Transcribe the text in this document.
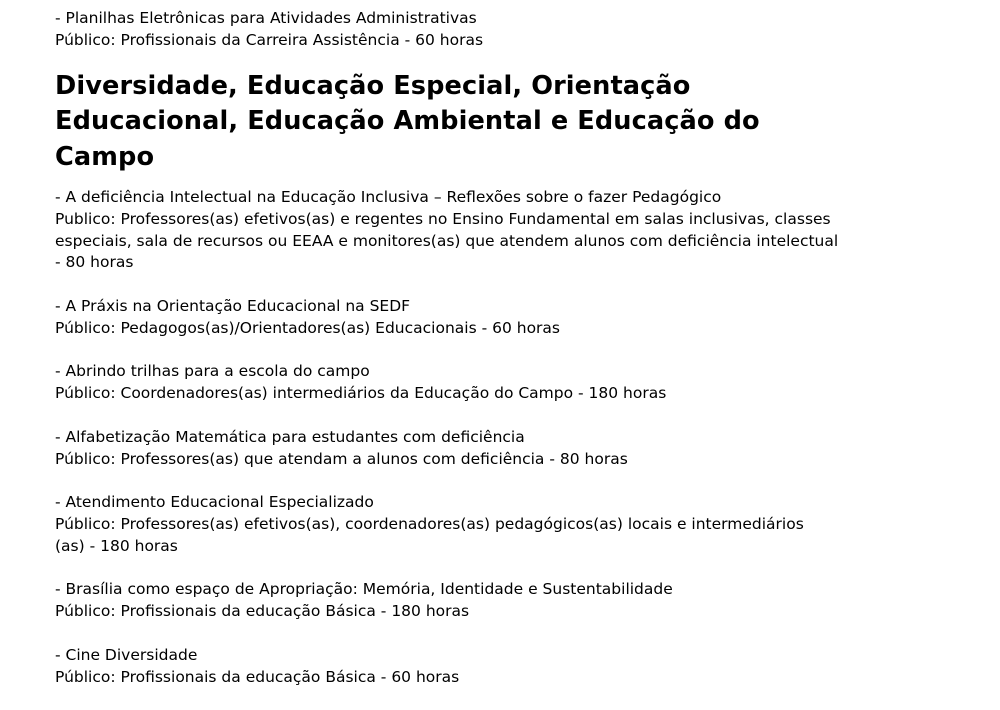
- Planilhas Eletrônicas para Atividades Administrativas

Público: Profissionais da Carreira Assistência - 60 horas

Diversidade, Educação Especial, Orientação
Educacional, Educação Ambiental e Educação do
Campo

- A deficiência Intelectual na Educação Inclusiva – Reflexões sobre o fazer Pedagógico

Publico: Professores(as) efetivos(as) e regentes no Ensino Fundamental em salas inclusivas, classes

especiais, sala de recursos ou EEAA e monitores(as) que atendem alunos com deficiência intelectual

- 80 horas

- A Práxis na Orientação Educacional na SEDF

Público: Pedagogos(as)/Orientadores(as) Educacionais - 60 horas

- Abrindo trilhas para a escola do campo

Público: Coordenadores(as) intermediários da Educação do Campo - 180 horas

- Alfabetização Matemática para estudantes com deficiência

Público: Professores(as) que atendam a alunos com deficiência - 80 horas

- Atendimento Educacional Especializado

Público: Professores(as) efetivos(as), coordenadores(as) pedagógicos(as) locais e intermediários

(as) - 180 horas

- Brasília como espaço de Apropriação: Memória, Identidade e Sustentabilidade

Público: Profissionais da educação Básica - 180 horas

- Cine Diversidade

Público: Profissionais da educação Básica - 60 horas
